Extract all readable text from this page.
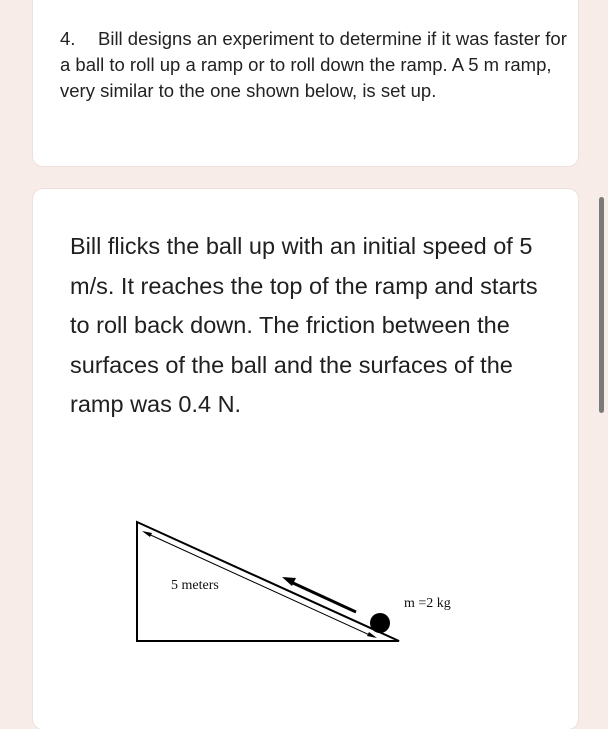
4. Bill designs an experiment to determine if it was faster for a ball to roll up a ramp or to roll down the ramp. A 5 m ramp, very similar to the one shown below, is set up.

Bill flicks the ball up with an initial speed of 5 m/s. It reaches the top of the ramp and starts to roll back down. The friction between the surfaces of the ball and the surfaces of the ramp was 0.4 N.

5 meters
m =2 kg
